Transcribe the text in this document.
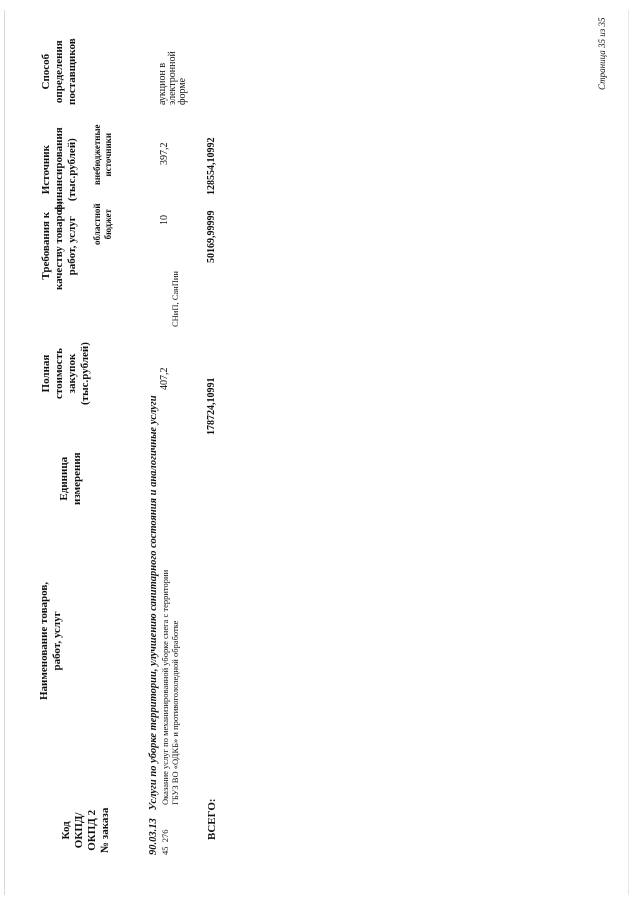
Код ОКПД/ ОКПД 2 № заказа
Наименование товаров, работ, услуг
Единица измерения
Полная стоимость закупок (тыс.рублей)
Требования к качеству товаров, работ, услуг
Источник финансирования (тыс.рублей)
областной бюджет
внебюджетные источники
Способ определения поставщиков
90.03.13   Услуги по уборке территории, улучшению санитарного состояния и аналогичные услуги
45  276
Оказание услуг по механизированной уборке снега с территории ГБУЗ ВО «ОДКБ» и противогололедной обработке
407,2
СНиП, СанПин
10
397,2
аукцион в электронной форме
ВСЕГО:
178724,10991
50169,99999
128554,10992
Страница 35 из 35
